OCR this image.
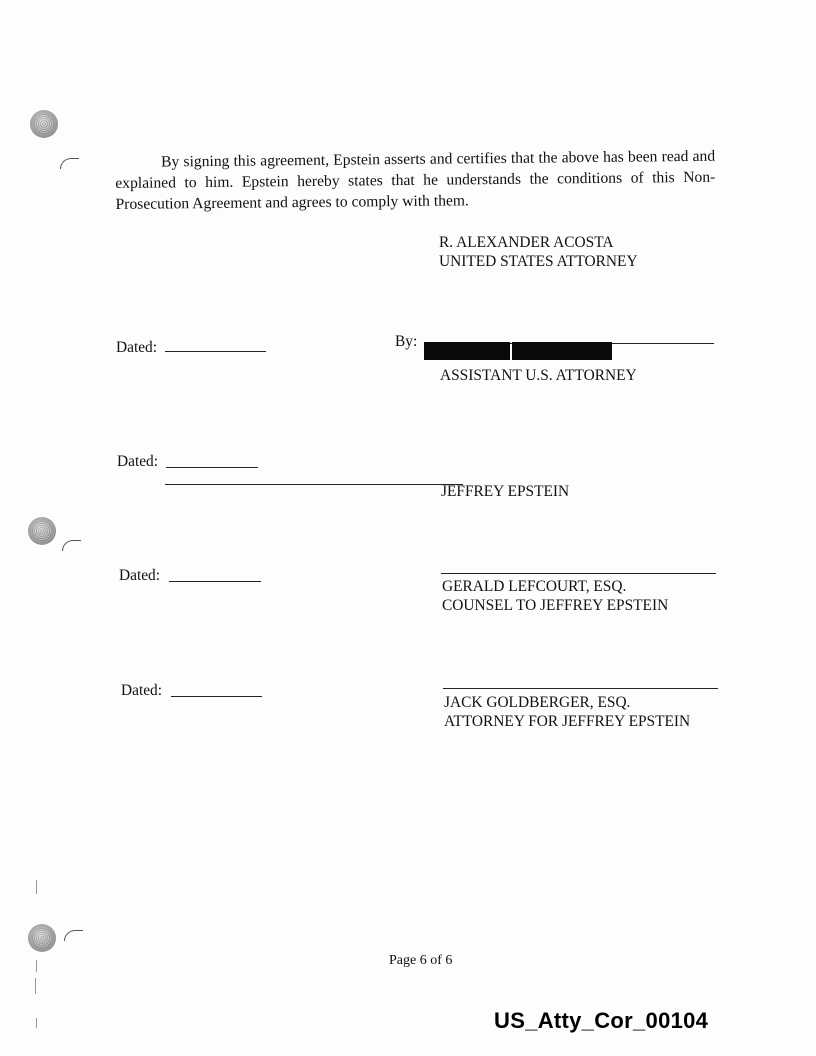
By signing this agreement, Epstein asserts and certifies that the above has been read and explained to him. Epstein hereby states that he understands the conditions of this Non-Prosecution Agreement and agrees to comply with them.
R. ALEXANDER ACOSTA
UNITED STATES ATTORNEY
Dated:	By:
redacted name
ASSISTANT U.S. ATTORNEY
Dated:
JEFFREY EPSTEIN
Dated:
GERALD LEFCOURT, ESQ.
COUNSEL TO JEFFREY EPSTEIN
Dated:
JACK GOLDBERGER, ESQ.
ATTORNEY FOR JEFFREY EPSTEIN
Page 6 of 6
US_Atty_Cor_00104
